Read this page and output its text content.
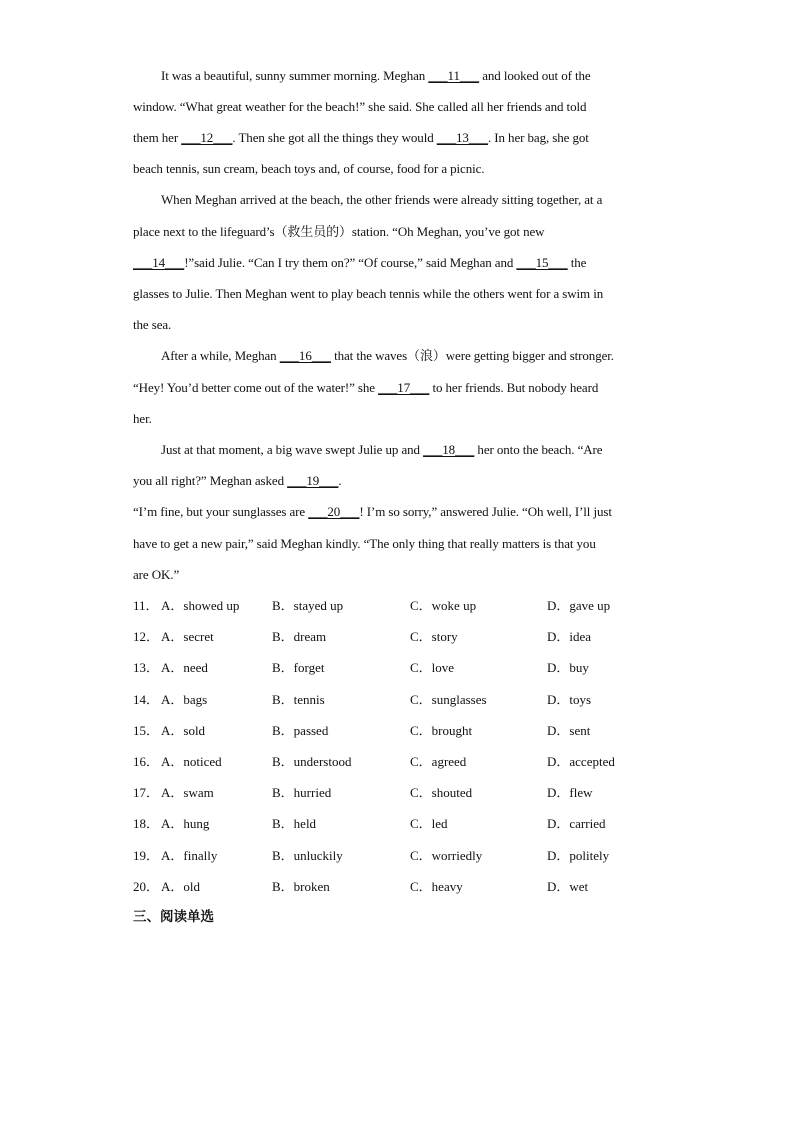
It was a beautiful, sunny summer morning. Meghan ___11___ and looked out of the
window. “What great weather for the beach!” she said. She called all her friends and told
them her ___12___. Then she got all the things they would ___13___. In her bag, she got
beach tennis, sun cream, beach toys and, of course, food for a picnic.
When Meghan arrived at the beach, the other friends were already sitting together, at a
place next to the lifeguard’s（救生员的）station. “Oh Meghan, you’ve got new
___14___!”said Julie. “Can I try them on?” “Of course,” said Meghan and ___15___ the
glasses to Julie. Then Meghan went to play beach tennis while the others went for a swim in
the sea.
After a while, Meghan ___16___ that the waves（浪）were getting bigger and stronger.
“Hey! You’d better come out of the water!” she ___17___ to her friends. But nobody heard
her.
Just at that moment, a big wave swept Julie up and ___18___ her onto the beach. “Are
you all right?” Meghan asked ___19___.
“I’m fine, but your sunglasses are ___20___! I’m so sorry,” answered Julie. “Oh well, I’ll just
have to get a new pair,” said Meghan kindly. “The only thing that really matters is that you
are OK.”
11． A．showed up	B．stayed up	C．woke up	D．gave up
12． A．secret	B．dream	C．story	D．idea
13． A．need	B．forget	C．love	D．buy
14． A．bags	B．tennis	C．sunglasses	D．toys
15． A．sold	B．passed	C．brought	D．sent
16． A．noticed	B．understood	C．agreed	D．accepted
17． A．swam	B．hurried	C．shouted	D．flew
18． A．hung	B．held	C．led	D．carried
19． A．finally	B．unluckily	C．worriedly	D．politely
20． A．old	B．broken	C．heavy	D．wet
三、阅读单选
